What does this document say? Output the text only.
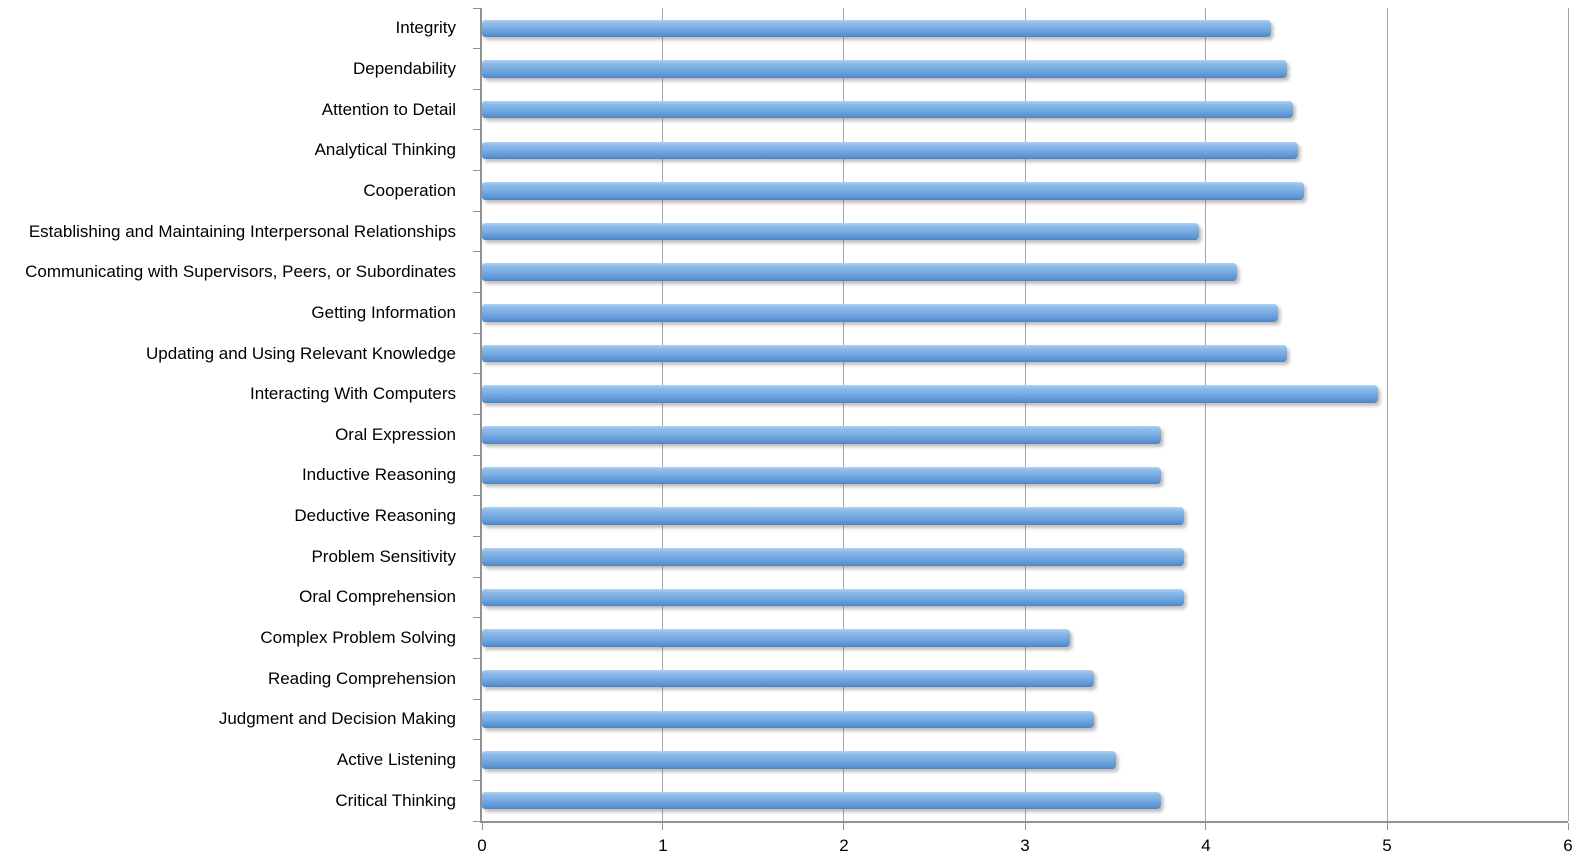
Integrity
Dependability
Attention to Detail
Analytical Thinking
Cooperation
Establishing and Maintaining Interpersonal Relationships
Communicating with Supervisors, Peers, or Subordinates
Getting Information
Updating and Using Relevant Knowledge
Interacting With Computers
Oral Expression
Inductive Reasoning
Deductive Reasoning
Problem Sensitivity
Oral Comprehension
Complex Problem Solving
Reading Comprehension
Judgment and Decision Making
Active Listening
Critical Thinking
0	1	2	3	4	5	6
